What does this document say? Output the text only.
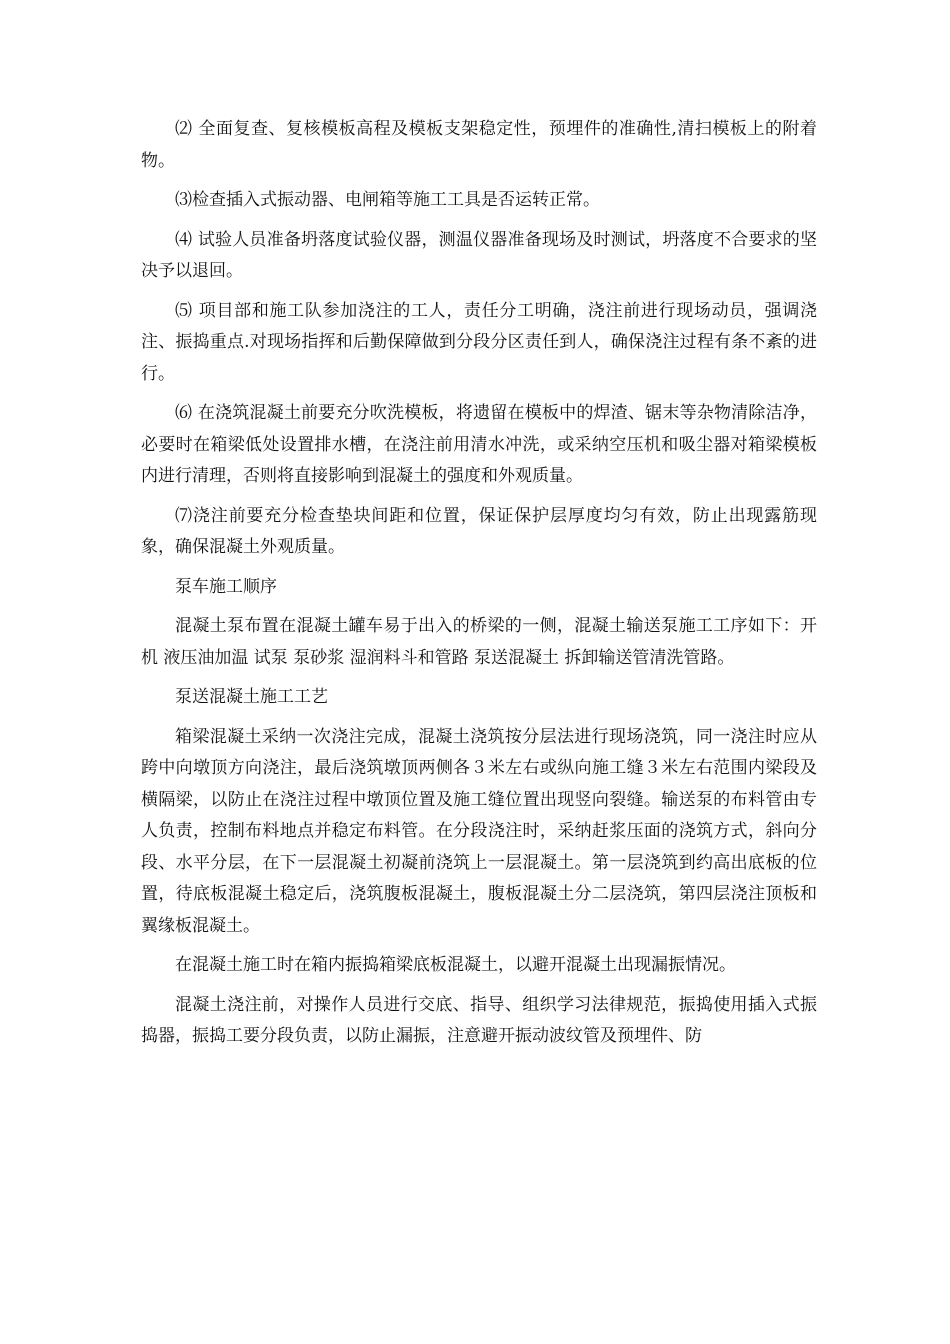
⑵ 全面复查、复核模板高程及模板支架稳定性，预埋件的准确性,清扫模板上的附着物。

⑶检查插入式振动器、电闸箱等施工工具是否运转正常。

⑷ 试验人员准备坍落度试验仪器，测温仪器准备现场及时测试，坍落度不合要求的坚决予以退回。

⑸ 项目部和施工队参加浇注的工人，责任分工明确，浇注前进行现场动员，强调浇注、振捣重点.对现场指挥和后勤保障做到分段分区责任到人，确保浇注过程有条不紊的进行。

⑹ 在浇筑混凝土前要充分吹洗模板，将遗留在模板中的焊渣、锯末等杂物清除洁净，必要时在箱梁低处设置排水槽，在浇注前用清水冲洗，或采纳空压机和吸尘器对箱梁模板内进行清理，否则将直接影响到混凝土的强度和外观质量。

⑺浇注前要充分检查垫块间距和位置，保证保护层厚度均匀有效，防止出现露筋现象，确保混凝土外观质量。

泵车施工顺序

混凝土泵布置在混凝土罐车易于出入的桥梁的一侧，混凝土输送泵施工工序如下：开机 液压油加温 试泵 泵砂浆 湿润料斗和管路 泵送混凝土 拆卸输送管清洗管路。

泵送混凝土施工工艺

箱梁混凝土采纳一次浇注完成，混凝土浇筑按分层法进行现场浇筑，同一浇注时应从跨中向墩顶方向浇注，最后浇筑墩顶两侧各３米左右或纵向施工缝３米左右范围内梁段及横隔梁，以防止在浇注过程中墩顶位置及施工缝位置出现竖向裂缝。输送泵的布料管由专人负责，控制布料地点并稳定布料管。在分段浇注时，采纳赶浆压面的浇筑方式，斜向分段、水平分层，在下一层混凝土初凝前浇筑上一层混凝土。第一层浇筑到约高出底板的位置，待底板混凝土稳定后，浇筑腹板混凝土，腹板混凝土分二层浇筑，第四层浇注顶板和翼缘板混凝土。

在混凝土施工时在箱内振捣箱梁底板混凝土，以避开混凝土出现漏振情况。

混凝土浇注前，对操作人员进行交底、指导、组织学习法律规范，振捣使用插入式振捣器，振捣工要分段负责，以防止漏振，注意避开振动波纹管及预埋件、防
